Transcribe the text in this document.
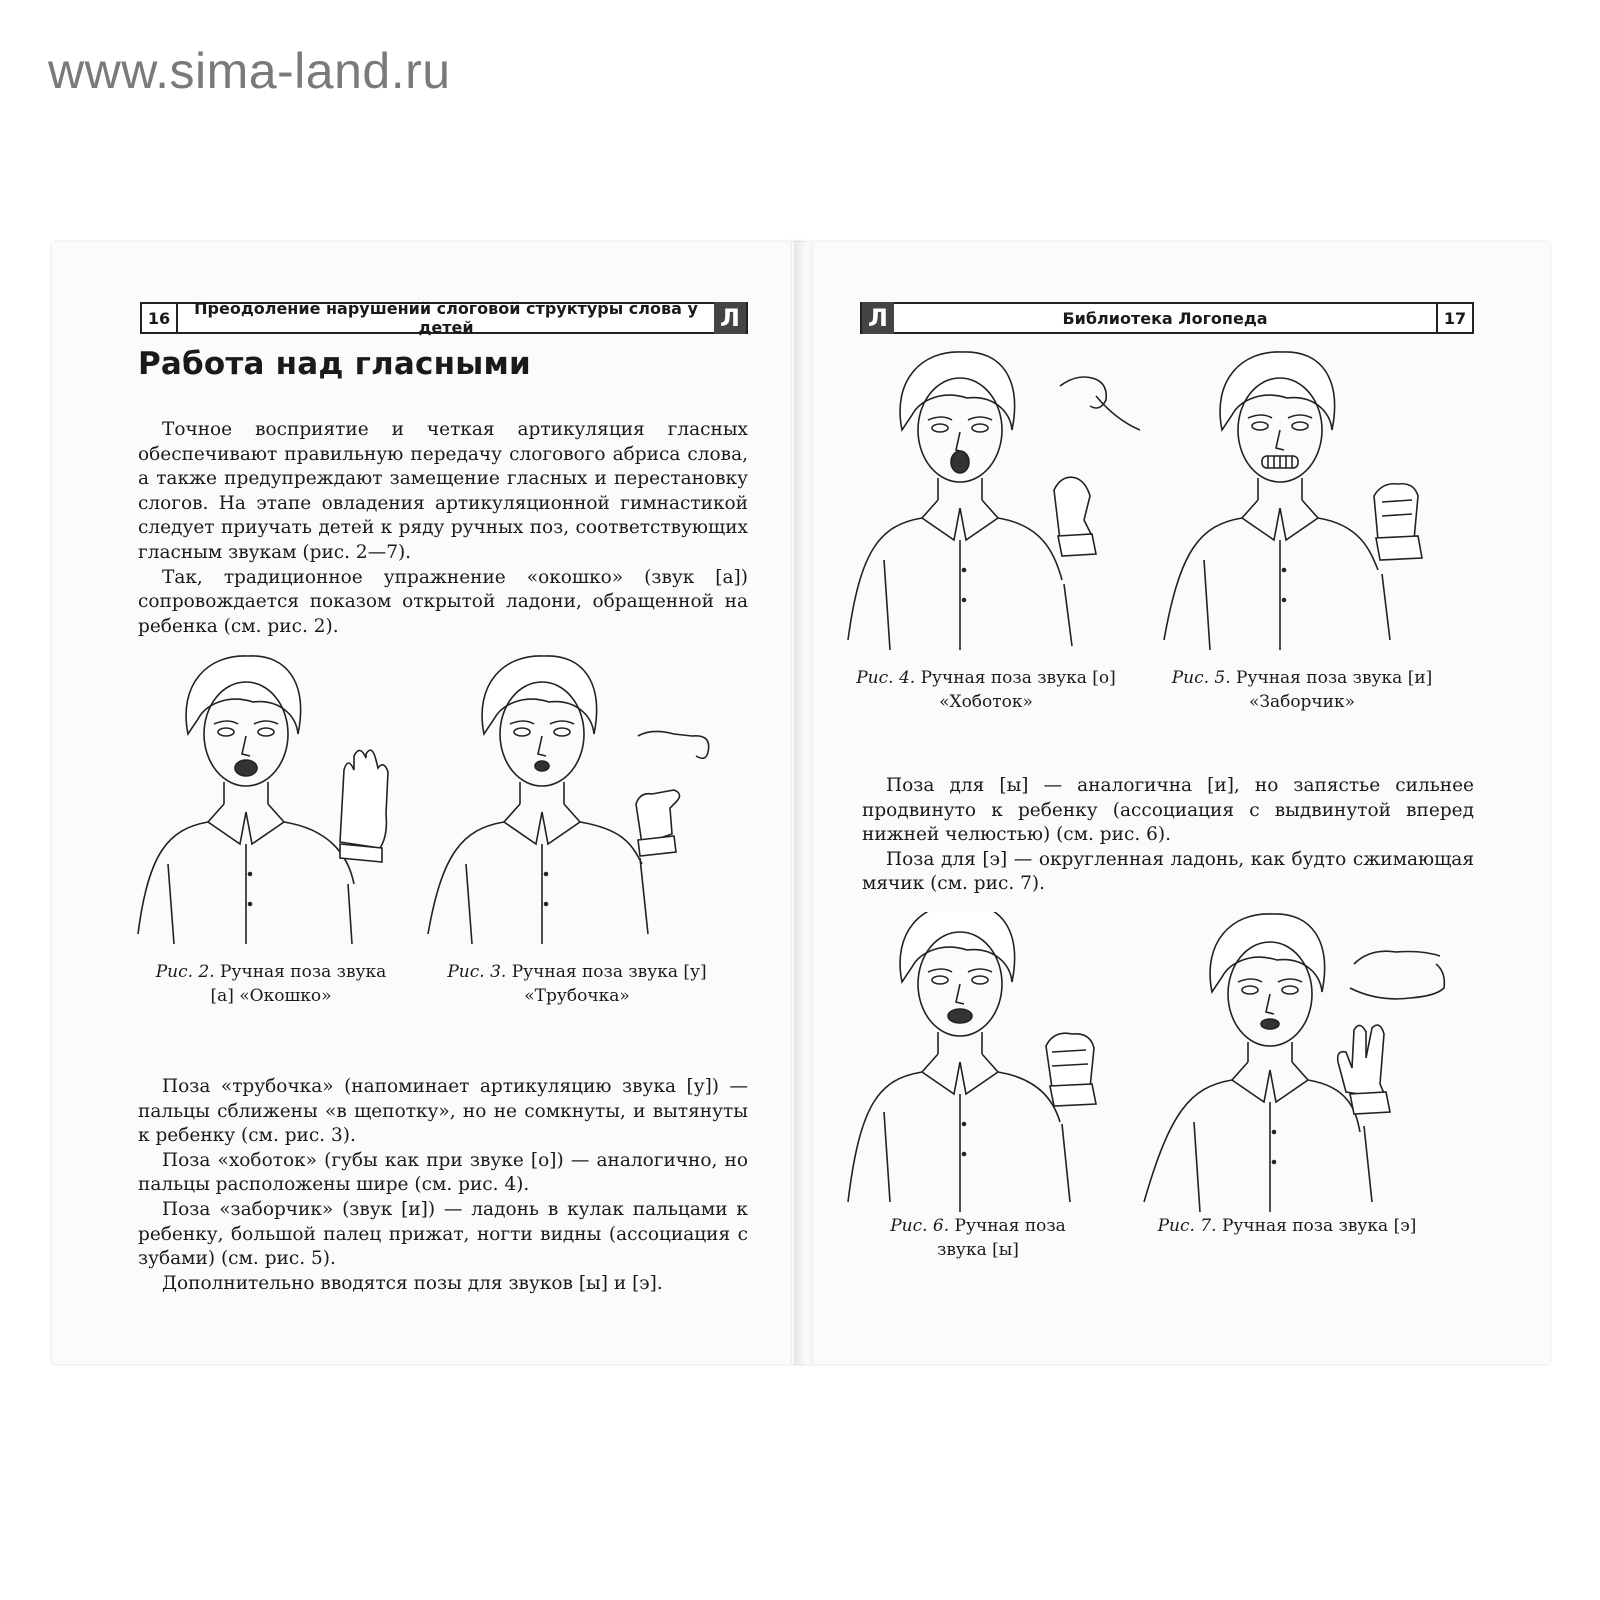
www.sima-land.ru
16	Преодоление нарушений слоговой структуры слова у детей	Л	Л	Библиотека Логопеда	17
Работа над гласными

Точное восприятие и четкая артикуляция гласных обеспечивают правильную передачу слогового абриса слова, а также предупреждают замещение гласных и перестановку слогов. На этапе овладения артикуляционной гимнастикой следует приучать детей к ряду ручных поз, соответствующих гласным звукам (рис. 2—7).

Так, традиционное упражнение «окошко» (звук [а]) сопровождается показом открытой ладони, обращенной на ребенка (см. рис. 2).

Рис. 2. Ручная поза звука
[а] «Окошко»
Рис. 3. Ручная поза звука [у]
«Трубочка»

Поза «трубочка» (напоминает артикуляцию звука [у]) — пальцы сближены «в щепотку», но не сомкнуты, и вытянуты к ребенку (см. рис. 3).

Поза «хоботок» (губы как при звуке [о]) — аналогично, но пальцы расположены шире (см. рис. 4).

Поза «заборчик» (звук [и]) — ладонь в кулак пальцами к ребенку, большой палец прижат, ногти видны (ассоциация с зубами) (см. рис. 5).

Дополнительно вводятся позы для звуков [ы] и [э].

Рис. 4. Ручная поза звука [о]
«Хоботок»
Рис. 5. Ручная поза звука [и]
«Заборчик»

Поза для [ы] — аналогична [и], но запястье сильнее продвинуто к ребенку (ассоциация с выдвинутой вперед нижней челюстью) (см. рис. 6).

Поза для [э] — округленная ладонь, как будто сжимающая мячик (см. рис. 7).

Рис. 6. Ручная поза
звука [ы]
Рис. 7. Ручная поза звука [э]
